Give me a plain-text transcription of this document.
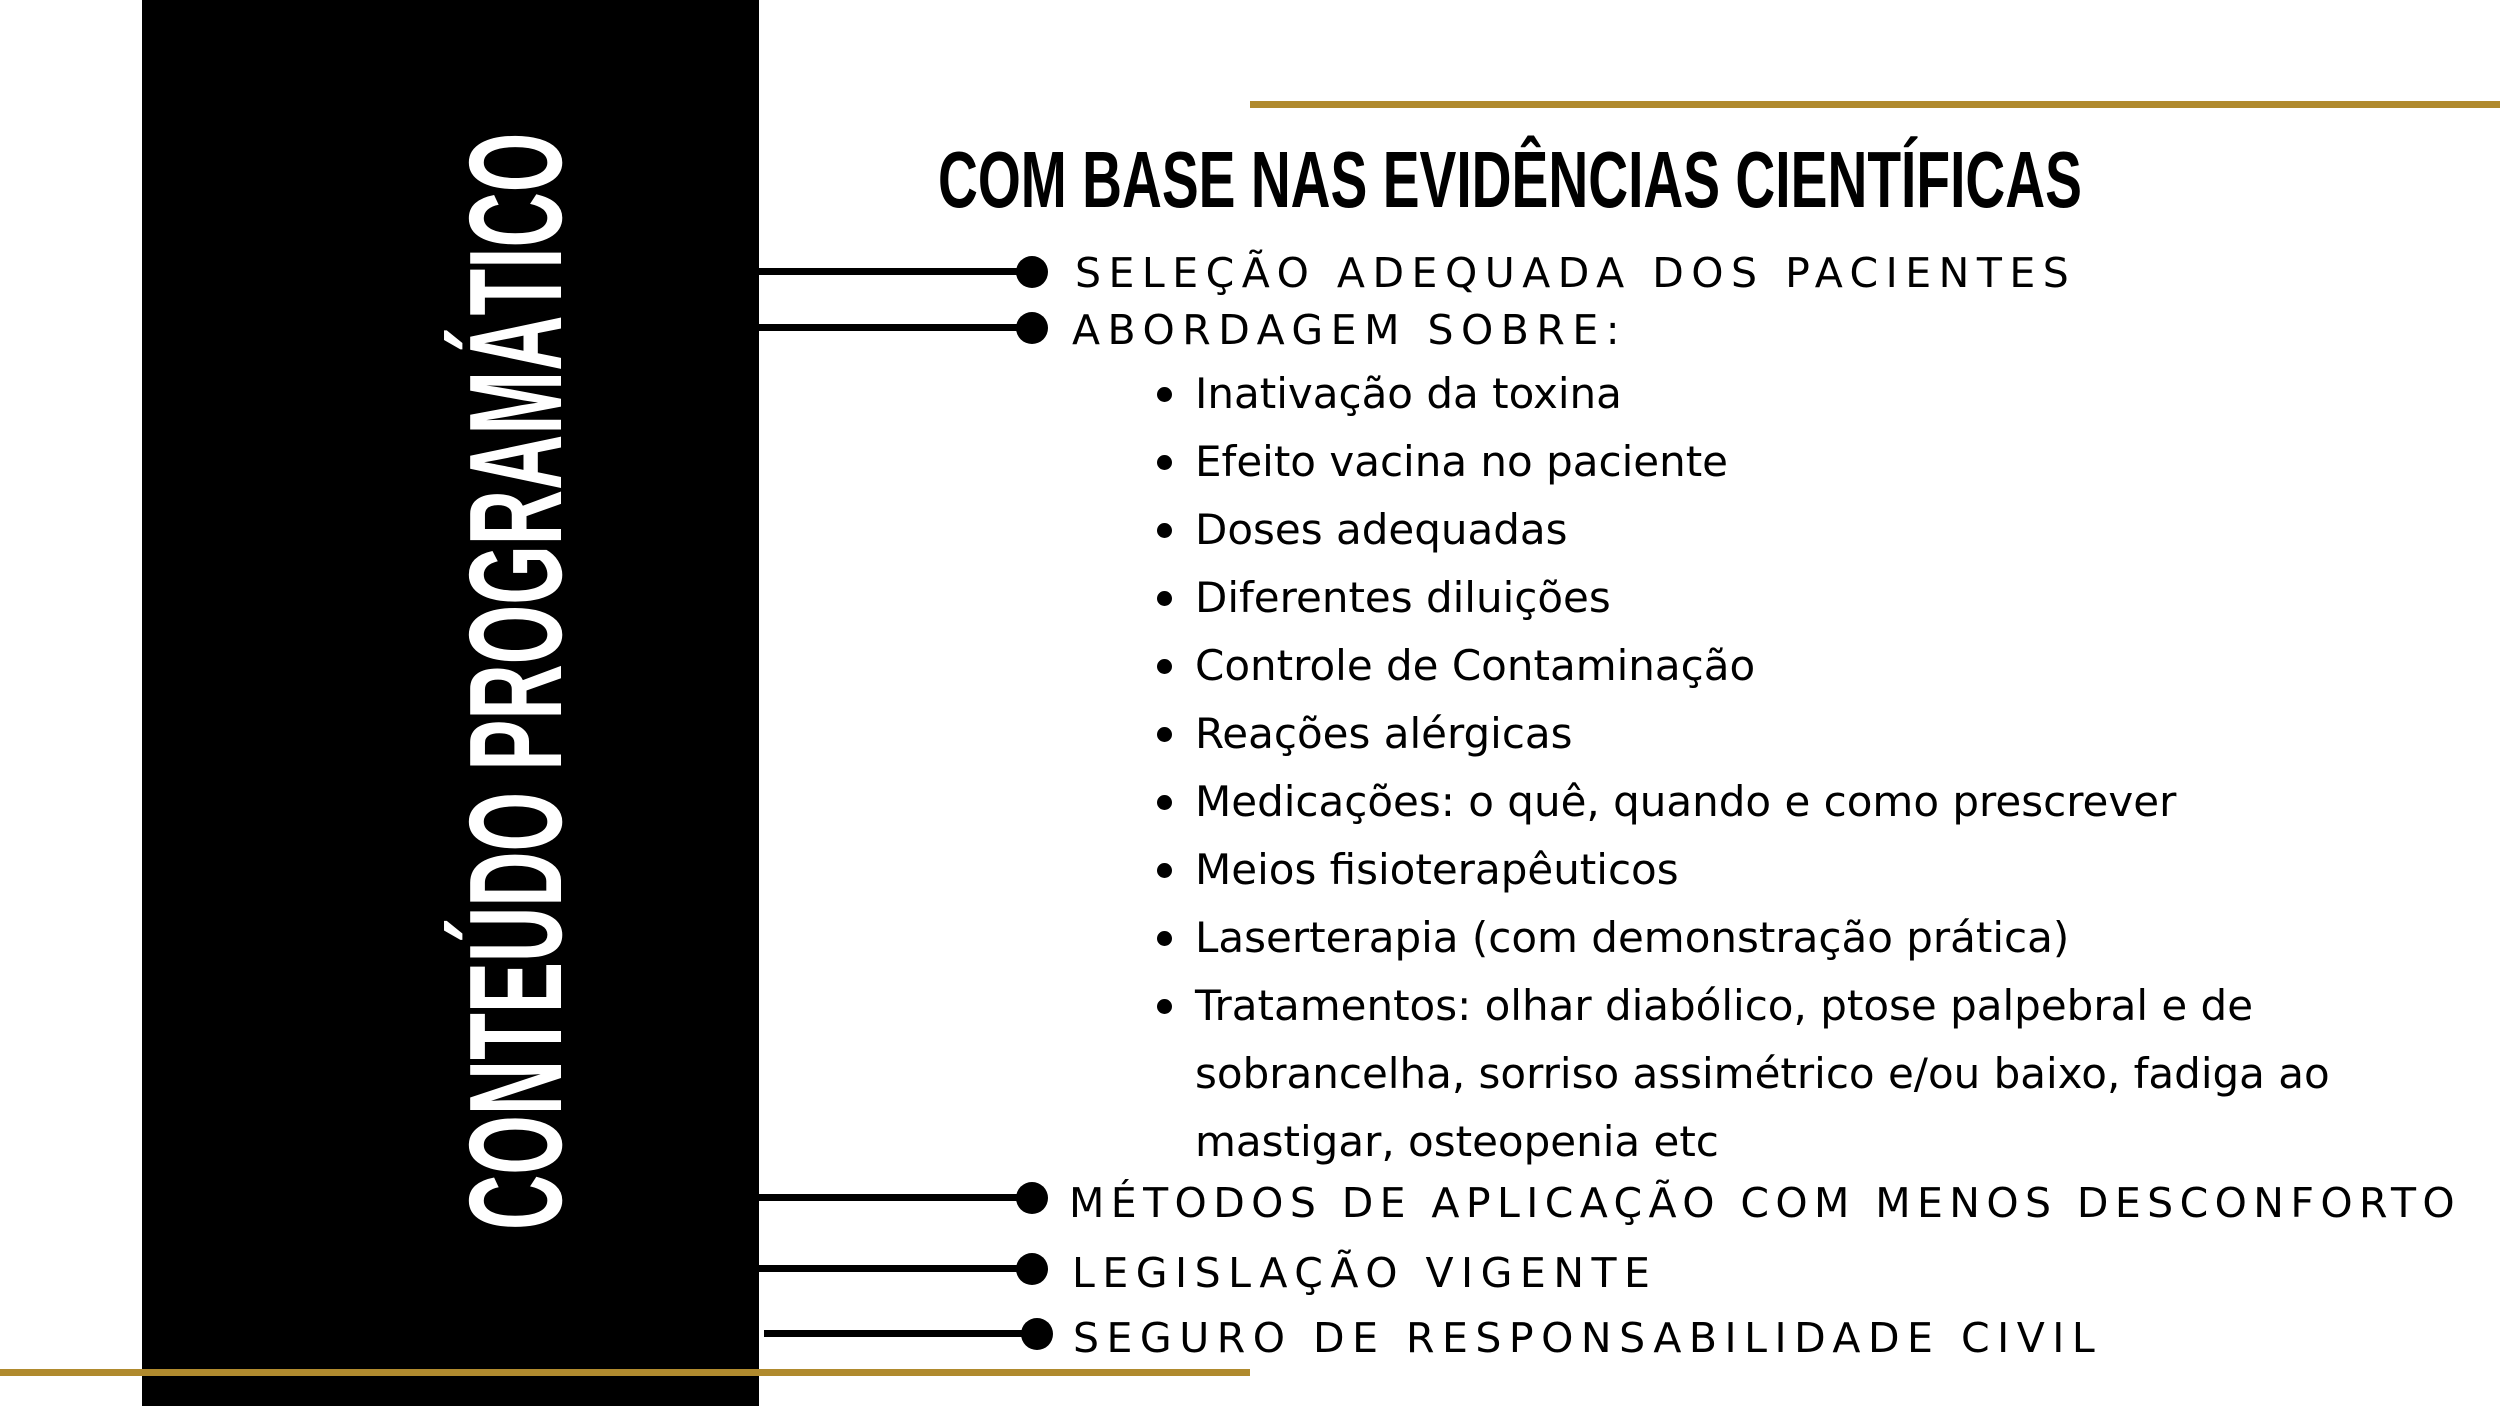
CONTEÚDO PROGRAMÁTICO	COM BASE NAS EVIDÊNCIAS CIENTÍFICAS
SELEÇÃO ADEQUADA DOS PACIENTES
ABORDAGEM SOBRE:
Inativação da toxina
Efeito vacina no paciente
Doses adequadas
Diferentes diluições
Controle de Contaminação
Reações alérgicas
Medicações: o quê, quando e como prescrever
Meios fisioterapêuticos
Laserterapia (com demonstração prática)
Tratamentos: olhar diabólico, ptose palpebral e de sobrancelha, sorriso assimétrico e/ou baixo, fadiga ao mastigar, osteopenia etc
MÉTODOS DE APLICAÇÃO COM MENOS DESCONFORTO
LEGISLAÇÃO VIGENTE
SEGURO DE RESPONSABILIDADE CIVIL
